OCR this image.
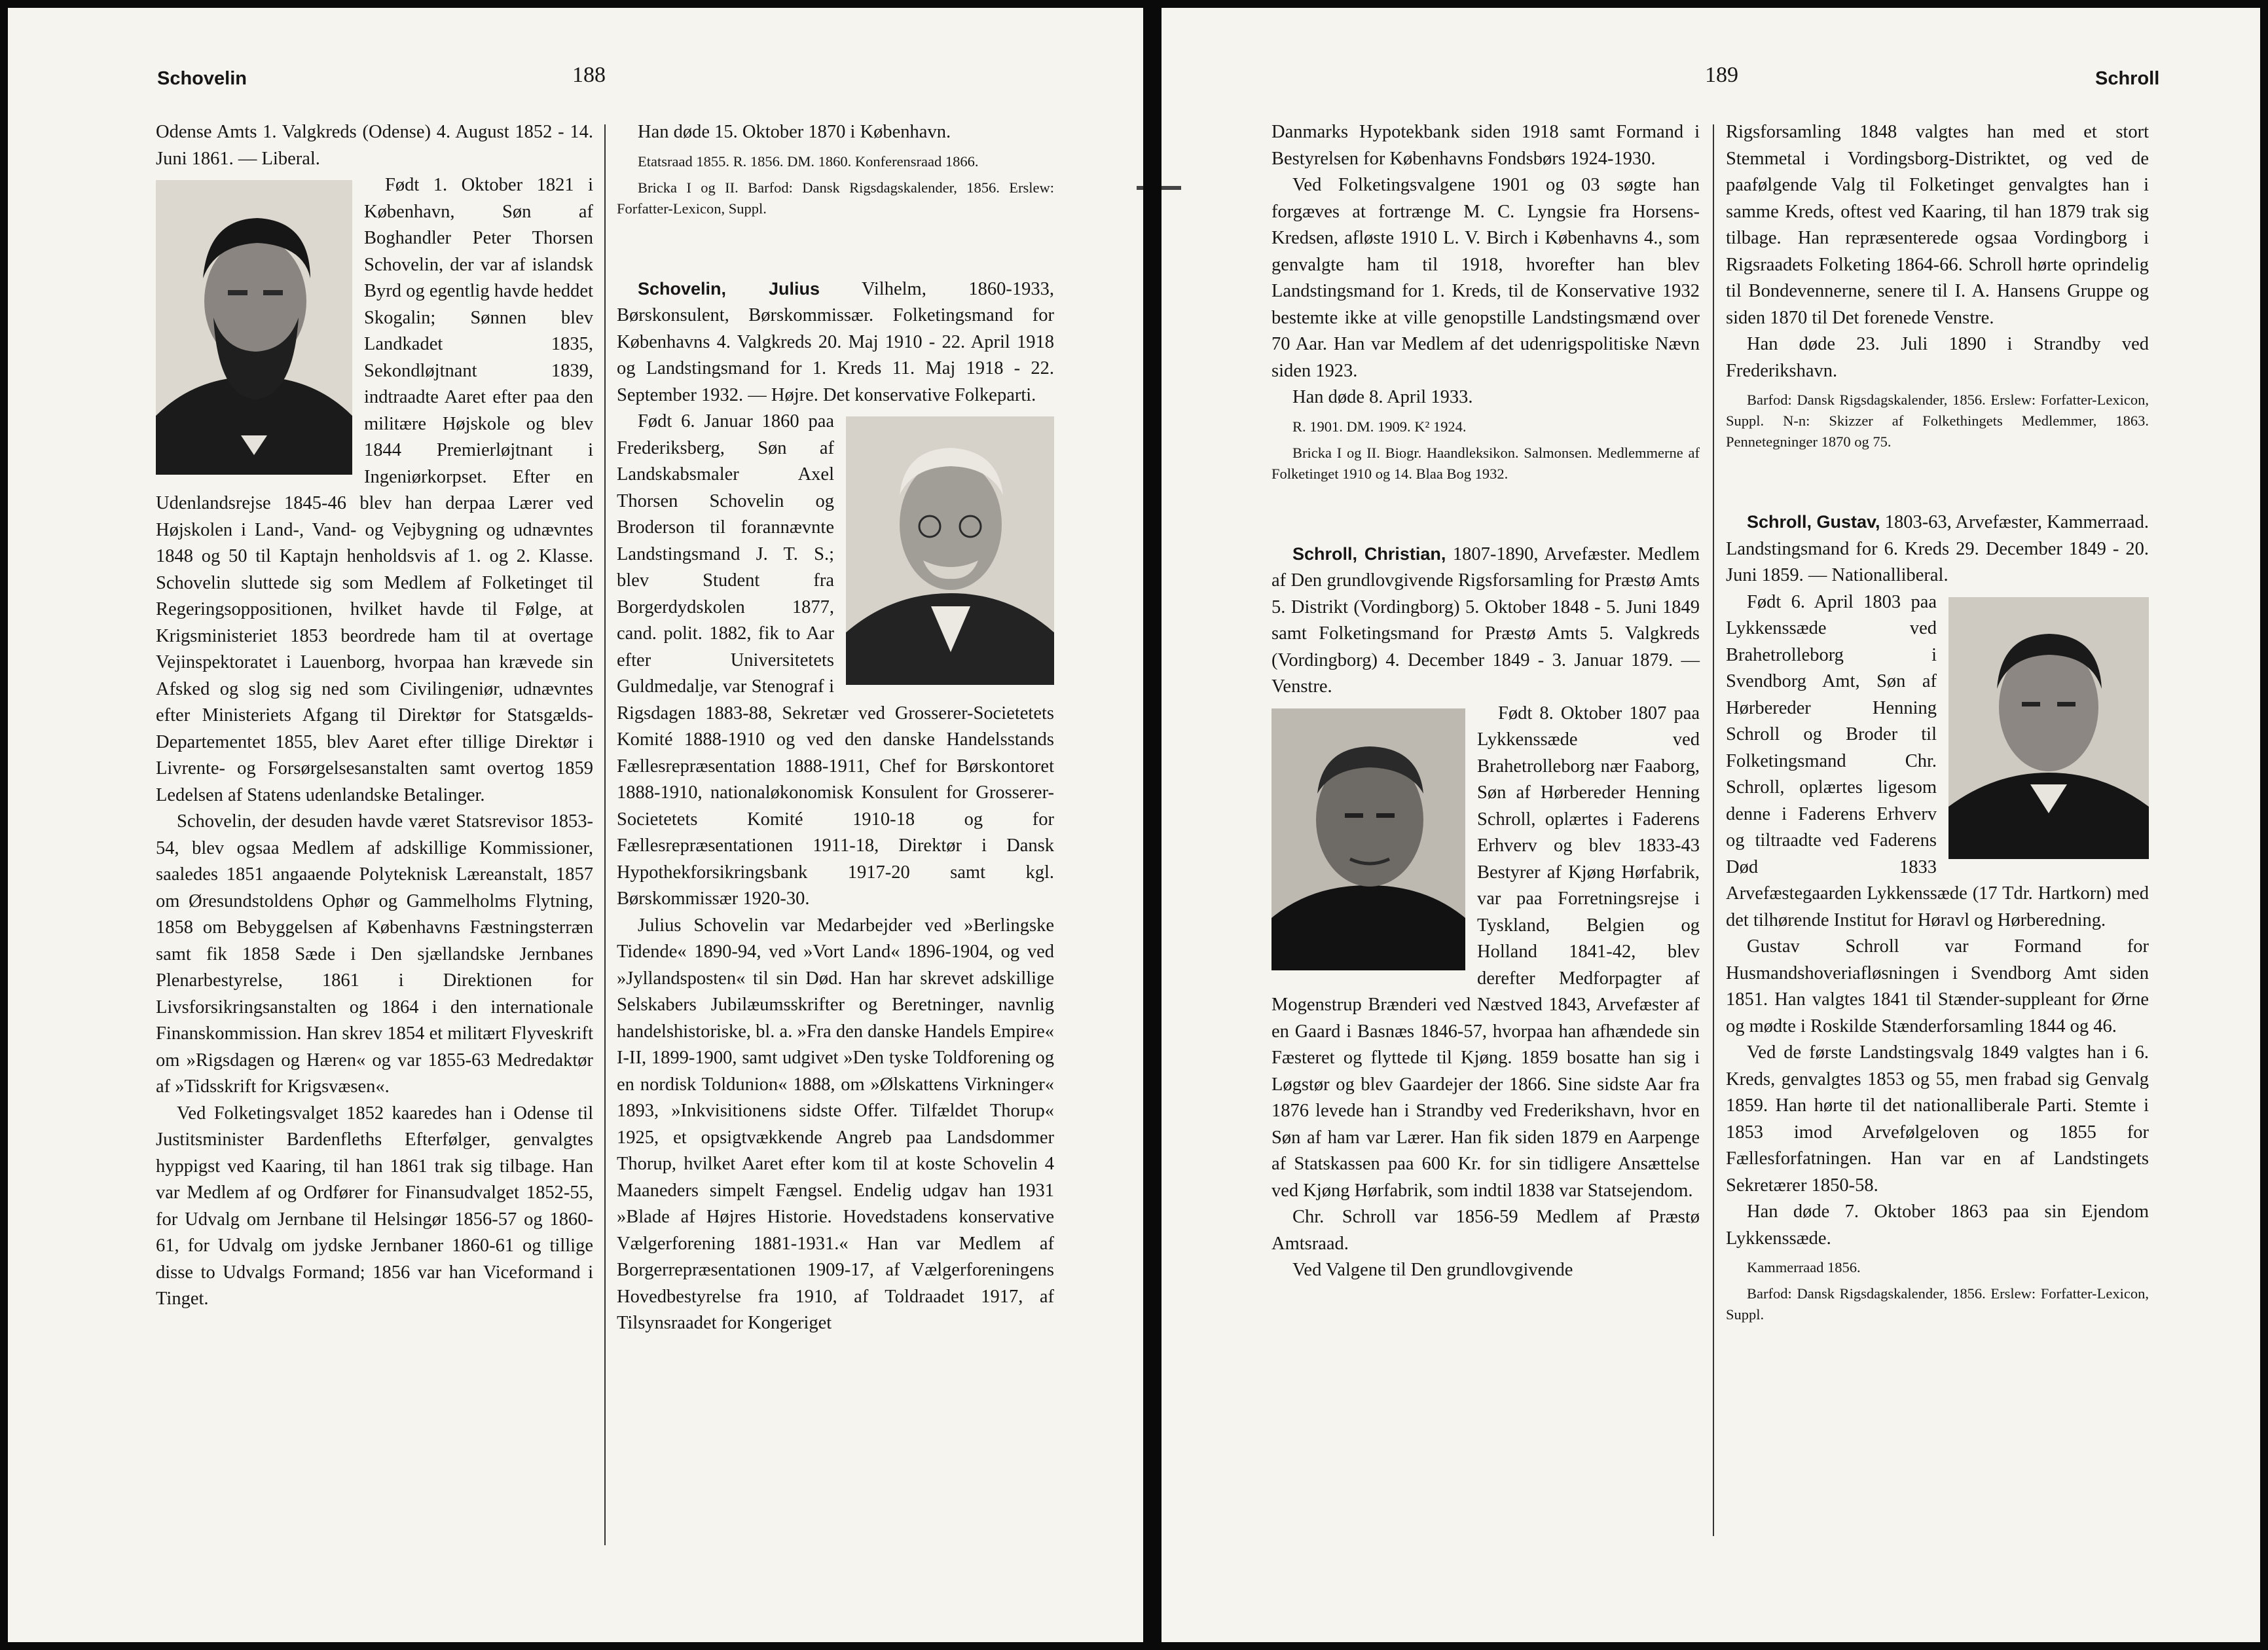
Schovelin	188

Odense Amts 1. Valgkreds (Odense) 4. August 1852 - 14. Juni 1861. — Liberal.

Født 1. Oktober 1821 i København, Søn af Boghandler Peter Thorsen Schovelin, der var af islandsk Byrd og egentlig havde heddet Skogalin; Sønnen blev Landkadet 1835, Sekondløjtnant 1839, indtraadte Aaret efter paa den militære Højskole og blev 1844 Premierløjtnant i Ingeniørkorpset. Efter en Udenlandsrejse 1845-46 blev han derpaa Lærer ved Højskolen i Land-, Vand- og Vejbygning og udnævntes 1848 og 50 til Kaptajn henholdsvis af 1. og 2. Klasse. Schovelin sluttede sig som Medlem af Folketinget til Regeringsoppositionen, hvilket havde til Følge, at Krigsministeriet 1853 beordrede ham til at overtage Vejinspektoratet i Lauenborg, hvorpaa han krævede sin Afsked og slog sig ned som Civilingeniør, udnævntes efter Ministeriets Afgang til Direktør for Statsgælds-Departementet 1855, blev Aaret efter tillige Direktør i Livrente- og Forsørgelsesanstalten samt overtog 1859 Ledelsen af Statens udenlandske Betalinger.

Schovelin, der desuden havde været Statsrevisor 1853-54, blev ogsaa Medlem af adskillige Kommissioner, saaledes 1851 angaaende Polyteknisk Læreanstalt, 1857 om Øresundstoldens Ophør og Gammelholms Flytning, 1858 om Bebyggelsen af Københavns Fæstningsterræn samt fik 1858 Sæde i Den sjællandske Jernbanes Plenarbestyrelse, 1861 i Direktionen for Livsforsikringsanstalten og 1864 i den internationale Finanskommission. Han skrev 1854 et militært Flyveskrift om »Rigsdagen og Hæren« og var 1855-63 Medredaktør af »Tidsskrift for Krigsvæsen«.

Ved Folketingsvalget 1852 kaaredes han i Odense til Justitsminister Bardenfleths Efterfølger, genvalgtes hyppigst ved Kaaring, til han 1861 trak sig tilbage. Han var Medlem af og Ordfører for Finansudvalget 1852-55, for Udvalg om Jernbane til Helsingør 1856-57 og 1860-61, for Udvalg om jydske Jernbaner 1860-61 og tillige disse to Udvalgs Formand; 1856 var han Viceformand i Tinget.

Han døde 15. Oktober 1870 i København.

Etatsraad 1855. R. 1856. DM. 1860. Konferensraad 1866.

Bricka I og II. Barfod: Dansk Rigsdagskalender, 1856. Erslew: Forfatter-Lexicon, Suppl.

Schovelin, Julius Vilhelm, 1860-1933, Børskonsulent, Børskommissær. Folketingsmand for Københavns 4. Valgkreds 20. Maj 1910 - 22. April 1918 og Landstingsmand for 1. Kreds 11. Maj 1918 - 22. September 1932. — Højre. Det konservative Folkeparti.

Født 6. Januar 1860 paa Frederiksberg, Søn af Landskabsmaler Axel Thorsen Schovelin og Broderson til forannævnte Landstingsmand J. T. S.; blev Student fra Borgerdydskolen 1877, cand. polit. 1882, fik to Aar efter Universitetets Guldmedalje, var Stenograf i Rigsdagen 1883-88, Sekretær ved Grosserer-Societetets Komité 1888-1910 og ved den danske Handelsstands Fællesrepræsentation 1888-1911, Chef for Børskontoret 1888-1910, nationaløkonomisk Konsulent for Grosserer-Societetets Komité 1910-18 og for Fællesrepræsentationen 1911-18, Direktør i Dansk Hypothekforsikringsbank 1917-20 samt kgl. Børskommissær 1920-30.

Julius Schovelin var Medarbejder ved »Berlingske Tidende« 1890-94, ved »Vort Land« 1896-1904, og ved »Jyllandsposten« til sin Død. Han har skrevet adskillige Selskabers Jubilæumsskrifter og Beretninger, navnlig handelshistoriske, bl. a. »Fra den danske Handels Empire« I-II, 1899-1900, samt udgivet »Den tyske Toldforening og en nordisk Toldunion« 1888, om »Ølskattens Virkninger« 1893, »Inkvisitionens sidste Offer. Tilfældet Thorup« 1925, et opsigtvækkende Angreb paa Landsdommer Thorup, hvilket Aaret efter kom til at koste Schovelin 4 Maaneders simpelt Fængsel. Endelig udgav han 1931 »Blade af Højres Historie. Hovedstadens konservative Vælgerforening 1881-1931.« Han var Medlem af Borgerrepræsentationen 1909-17, af Vælgerforeningens Hovedbestyrelse fra 1910, af Toldraadet 1917, af Tilsynsraadet for Kongeriget

189	Schroll

Danmarks Hypotekbank siden 1918 samt Formand i Bestyrelsen for Københavns Fondsbørs 1924-1930.

Ved Folketingsvalgene 1901 og 03 søgte han forgæves at fortrænge M. C. Lyngsie fra Horsens-Kredsen, afløste 1910 L. V. Birch i Københavns 4., som genvalgte ham til 1918, hvorefter han blev Landstingsmand for 1. Kreds, til de Konservative 1932 bestemte ikke at ville genopstille Landstingsmænd over 70 Aar. Han var Medlem af det udenrigspolitiske Nævn siden 1923.

Han døde 8. April 1933.

R. 1901. DM. 1909. K² 1924.

Bricka I og II. Biogr. Haandleksikon. Salmonsen. Medlemmerne af Folketinget 1910 og 14. Blaa Bog 1932.

Schroll, Christian, 1807-1890, Arvefæster. Medlem af Den grundlovgivende Rigsforsamling for Præstø Amts 5. Distrikt (Vordingborg) 5. Oktober 1848 - 5. Juni 1849 samt Folketingsmand for Præstø Amts 5. Valgkreds (Vordingborg) 4. December 1849 - 3. Januar 1879. — Venstre.

Født 8. Oktober 1807 paa Lykkenssæde ved Brahetrolleborg nær Faaborg, Søn af Hørbereder Henning Schroll, oplærtes i Faderens Erhverv og blev 1833-43 Bestyrer af Kjøng Hørfabrik, var paa Forretningsrejse i Tyskland, Belgien og Holland 1841-42, blev derefter Medforpagter af Mogenstrup Brænderi ved Næstved 1843, Arvefæster af en Gaard i Basnæs 1846-57, hvorpaa han afhændede sin Fæsteret og flyttede til Kjøng. 1859 bosatte han sig i Løgstør og blev Gaardejer der 1866. Sine sidste Aar fra 1876 levede han i Strandby ved Frederikshavn, hvor en Søn af ham var Lærer. Han fik siden 1879 en Aarpenge af Statskassen paa 600 Kr. for sin tidligere Ansættelse ved Kjøng Hørfabrik, som indtil 1838 var Statsejendom.

Chr. Schroll var 1856-59 Medlem af Præstø Amtsraad.

Ved Valgene til Den grundlovgivende

Rigsforsamling 1848 valgtes han med et stort Stemmetal i Vordingsborg-Distriktet, og ved de paafølgende Valg til Folketinget genvalgtes han i samme Kreds, oftest ved Kaaring, til han 1879 trak sig tilbage. Han repræsenterede ogsaa Vordingborg i Rigsraadets Folketing 1864-66. Schroll hørte oprindelig til Bondevennerne, senere til I. A. Hansens Gruppe og siden 1870 til Det forenede Venstre.

Han døde 23. Juli 1890 i Strandby ved Frederikshavn.

Barfod: Dansk Rigsdagskalender, 1856. Erslew: Forfatter-Lexicon, Suppl. N-n: Skizzer af Folkethingets Medlemmer, 1863. Pennetegninger 1870 og 75.

Schroll, Gustav, 1803-63, Arvefæster, Kammerraad. Landstingsmand for 6. Kreds 29. December 1849 - 20. Juni 1859. — Nationalliberal.

Født 6. April 1803 paa Lykkenssæde ved Brahetrolleborg i Svendborg Amt, Søn af Hørbereder Henning Schroll og Broder til Folketingsmand Chr. Schroll, oplærtes ligesom denne i Faderens Erhverv og tiltraadte ved Faderens Død 1833 Arvefæstegaarden Lykkenssæde (17 Tdr. Hartkorn) med det tilhørende Institut for Høravl og Hørberedning.

Gustav Schroll var Formand for Husmandshoveriafløsningen i Svendborg Amt siden 1851. Han valgtes 1841 til Stænder-suppleant for Ørne og mødte i Roskilde Stænderforsamling 1844 og 46.

Ved de første Landstingsvalg 1849 valgtes han i 6. Kreds, genvalgtes 1853 og 55, men frabad sig Genvalg 1859. Han hørte til det nationalliberale Parti. Stemte i 1853 imod Arvefølgeloven og 1855 for Fællesforfatningen. Han var en af Landstingets Sekretærer 1850-58.

Han døde 7. Oktober 1863 paa sin Ejendom Lykkenssæde.

Kammerraad 1856.

Barfod: Dansk Rigsdagskalender, 1856. Erslew: Forfatter-Lexicon, Suppl.
